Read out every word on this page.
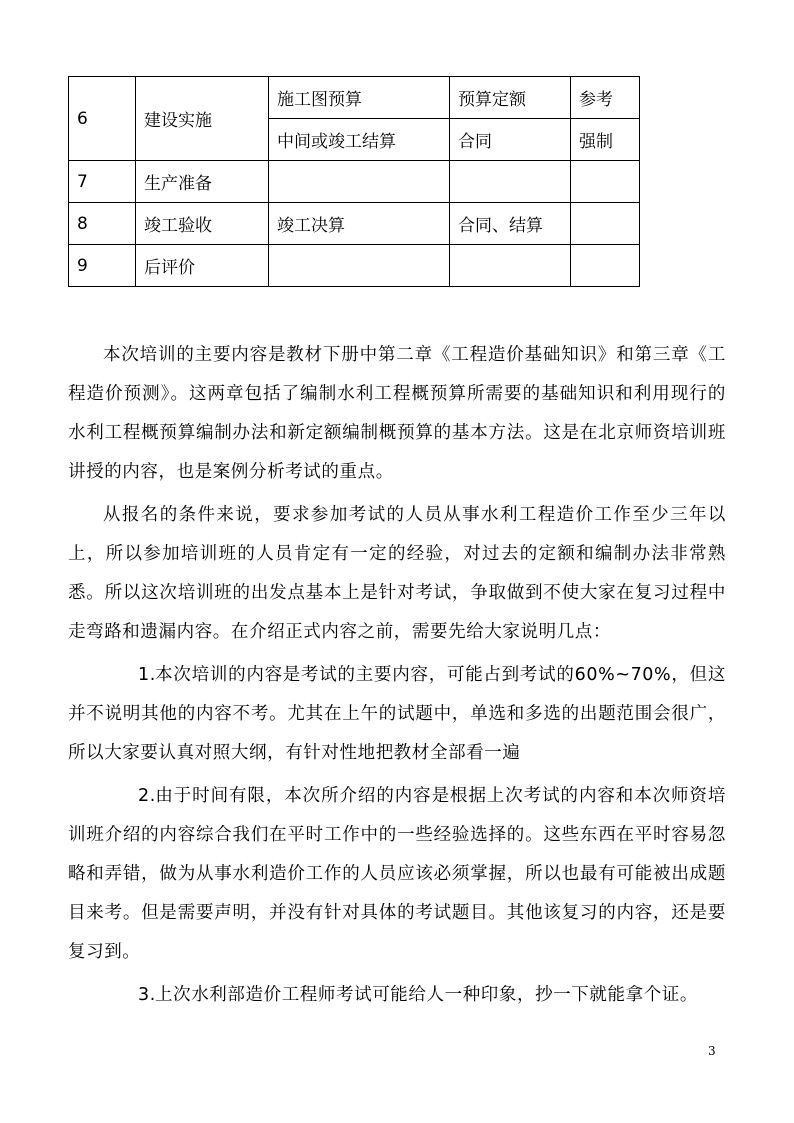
6	建设实施	施工图预算	预算定额	参考
		中间或竣工结算	合同	强制
7	生产准备			
8	竣工验收	竣工决算	合同、结算	
9	后评价			

本次培训的主要内容是教材下册中第二章《工程造价基础知识》和第三章《工程造价预测》。这两章包括了编制水利工程概预算所需要的基础知识和利用现行的水利工程概预算编制办法和新定额编制概预算的基本方法。这是在北京师资培训班讲授的内容，也是案例分析考试的重点。

从报名的条件来说，要求参加考试的人员从事水利工程造价工作至少三年以上，所以参加培训班的人员肯定有一定的经验，对过去的定额和编制办法非常熟悉。所以这次培训班的出发点基本上是针对考试，争取做到不使大家在复习过程中走弯路和遗漏内容。在介绍正式内容之前，需要先给大家说明几点：

1.本次培训的内容是考试的主要内容，可能占到考试的60%~70%，但这并不说明其他的内容不考。尤其在上午的试题中，单选和多选的出题范围会很广，所以大家要认真对照大纲，有针对性地把教材全部看一遍

2.由于时间有限，本次所介绍的内容是根据上次考试的内容和本次师资培训班介绍的内容综合我们在平时工作中的一些经验选择的。这些东西在平时容易忽略和弄错，做为从事水利造价工作的人员应该必须掌握，所以也最有可能被出成题目来考。但是需要声明，并没有针对具体的考试题目。其他该复习的内容，还是要复习到。

3.上次水利部造价工程师考试可能给人一种印象，抄一下就能拿个证。

3
